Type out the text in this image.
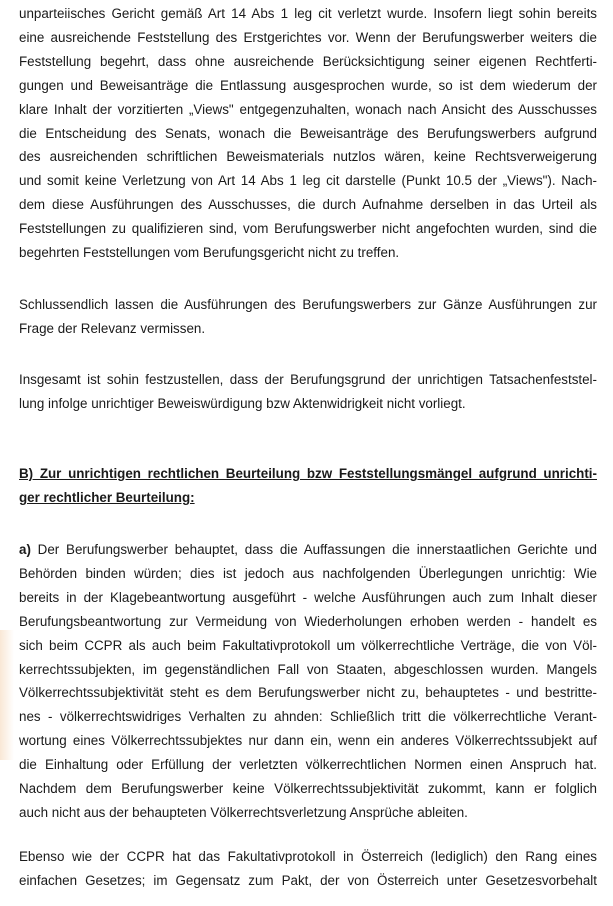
unparteiisches Gericht gemäß Art 14 Abs 1 leg cit verletzt wurde. Insofern liegt sohin bereits
eine ausreichende Feststellung des Erstgerichtes vor. Wenn der Berufungswerber weiters die
Feststellung begehrt, dass ohne ausreichende Berücksichtigung seiner eigenen Rechtferti-
gungen und Beweisanträge die Entlassung ausgesprochen wurde, so ist dem wiederum der
klare Inhalt der vorzitierten „Views" entgegenzuhalten, wonach nach Ansicht des Ausschusses
die Entscheidung des Senats, wonach die Beweisanträge des Berufungswerbers aufgrund
des ausreichenden schriftlichen Beweismaterials nutzlos wären, keine Rechtsverweigerung
und somit keine Verletzung von Art 14 Abs 1 leg cit darstelle (Punkt 10.5 der „Views"). Nach-
dem diese Ausführungen des Ausschusses, die durch Aufnahme derselben in das Urteil als
Feststellungen zu qualifizieren sind, vom Berufungswerber nicht angefochten wurden, sind die
begehrten Feststellungen vom Berufungsgericht nicht zu treffen.
Schlussendlich lassen die Ausführungen des Berufungswerbers zur Gänze Ausführungen zur
Frage der Relevanz vermissen.
Insgesamt ist sohin festzustellen, dass der Berufungsgrund der unrichtigen Tatsachenfeststel-
lung infolge unrichtiger Beweiswürdigung bzw Aktenwidrigkeit nicht vorliegt.
B) Zur unrichtigen rechtlichen Beurteilung bzw Feststellungsmängel aufgrund unrichti-
ger rechtlicher Beurteilung:
a) Der Berufungswerber behauptet, dass die Auffassungen die innerstaatlichen Gerichte und
Behörden binden würden; dies ist jedoch aus nachfolgenden Überlegungen unrichtig: Wie
bereits in der Klagebeantwortung ausgeführt - welche Ausführungen auch zum Inhalt dieser
Berufungsbeantwortung zur Vermeidung von Wiederholungen erhoben werden - handelt es
sich beim CCPR als auch beim Fakultativprotokoll um völkerrechtliche Verträge, die von Völ-
kerrechtssubjekten, im gegenständlichen Fall von Staaten, abgeschlossen wurden. Mangels
Völkerrechtssubjektivität steht es dem Berufungswerber nicht zu, behauptetes - und bestritte-
nes - völkerrechtswidriges Verhalten zu ahnden: Schließlich tritt die völkerrechtliche Verant-
wortung eines Völkerrechtssubjektes nur dann ein, wenn ein anderes Völkerrechtssubjekt auf
die Einhaltung oder Erfüllung der verletzten völkerrechtlichen Normen einen Anspruch hat.
Nachdem dem Berufungswerber keine Völkerrechtssubjektivität zukommt, kann er folglich
auch nicht aus der behaupteten Völkerrechtsverletzung Ansprüche ableiten.
Ebenso wie der CCPR hat das Fakultativprotokoll in Österreich (lediglich) den Rang eines
einfachen Gesetzes; im Gegensatz zum Pakt, der von Österreich unter Gesetzesvorbehalt
